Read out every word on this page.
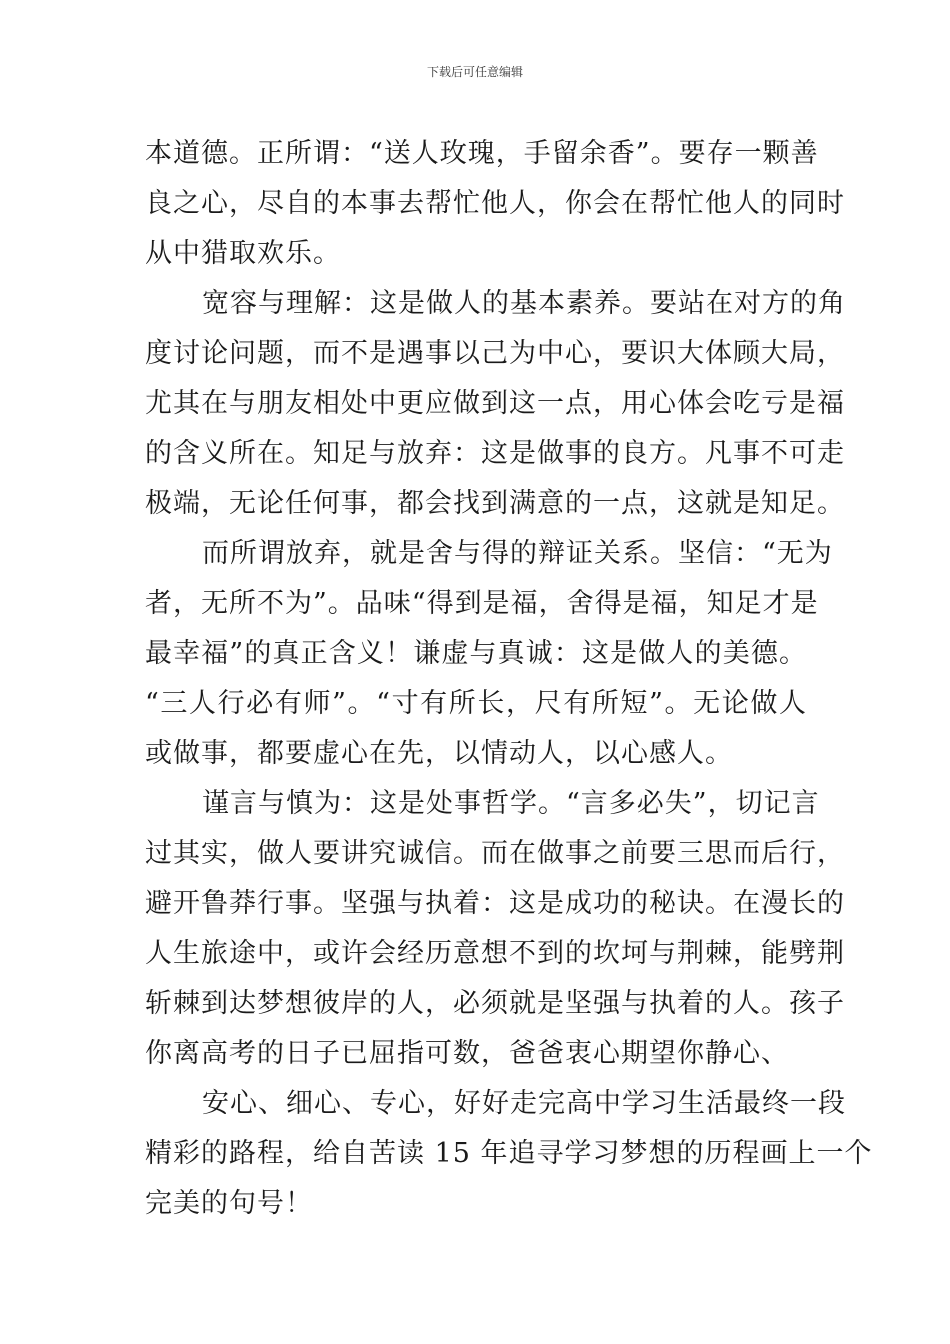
下载后可任意编辑
本道德。正所谓：“送人玫瑰，手留余香”。要存一颗善
良之心，尽自的本事去帮忙他人，你会在帮忙他人的同时
从中猎取欢乐。
宽容与理解：这是做人的基本素养。要站在对方的角
度讨论问题，而不是遇事以己为中心，要识大体顾大局，
尤其在与朋友相处中更应做到这一点，用心体会吃亏是福
的含义所在。知足与放弃：这是做事的良方。凡事不可走
极端，无论任何事，都会找到满意的一点，这就是知足。
而所谓放弃，就是舍与得的辩证关系。坚信：“无为
者，无所不为”。品味“得到是福，舍得是福，知足才是
最幸福”的真正含义！谦虚与真诚：这是做人的美德。
“三人行必有师”。“寸有所长，尺有所短”。无论做人
或做事，都要虚心在先，以情动人，以心感人。
谨言与慎为：这是处事哲学。“言多必失”，切记言
过其实，做人要讲究诚信。而在做事之前要三思而后行，
避开鲁莽行事。坚强与执着：这是成功的秘诀。在漫长的
人生旅途中，或许会经历意想不到的坎坷与荆棘，能劈荆
斩棘到达梦想彼岸的人，必须就是坚强与执着的人。孩子
你离高考的日子已屈指可数，爸爸衷心期望你静心、
安心、细心、专心，好好走完高中学习生活最终一段
精彩的路程，给自苦读 15 年追寻学习梦想的历程画上一个
完美的句号！
